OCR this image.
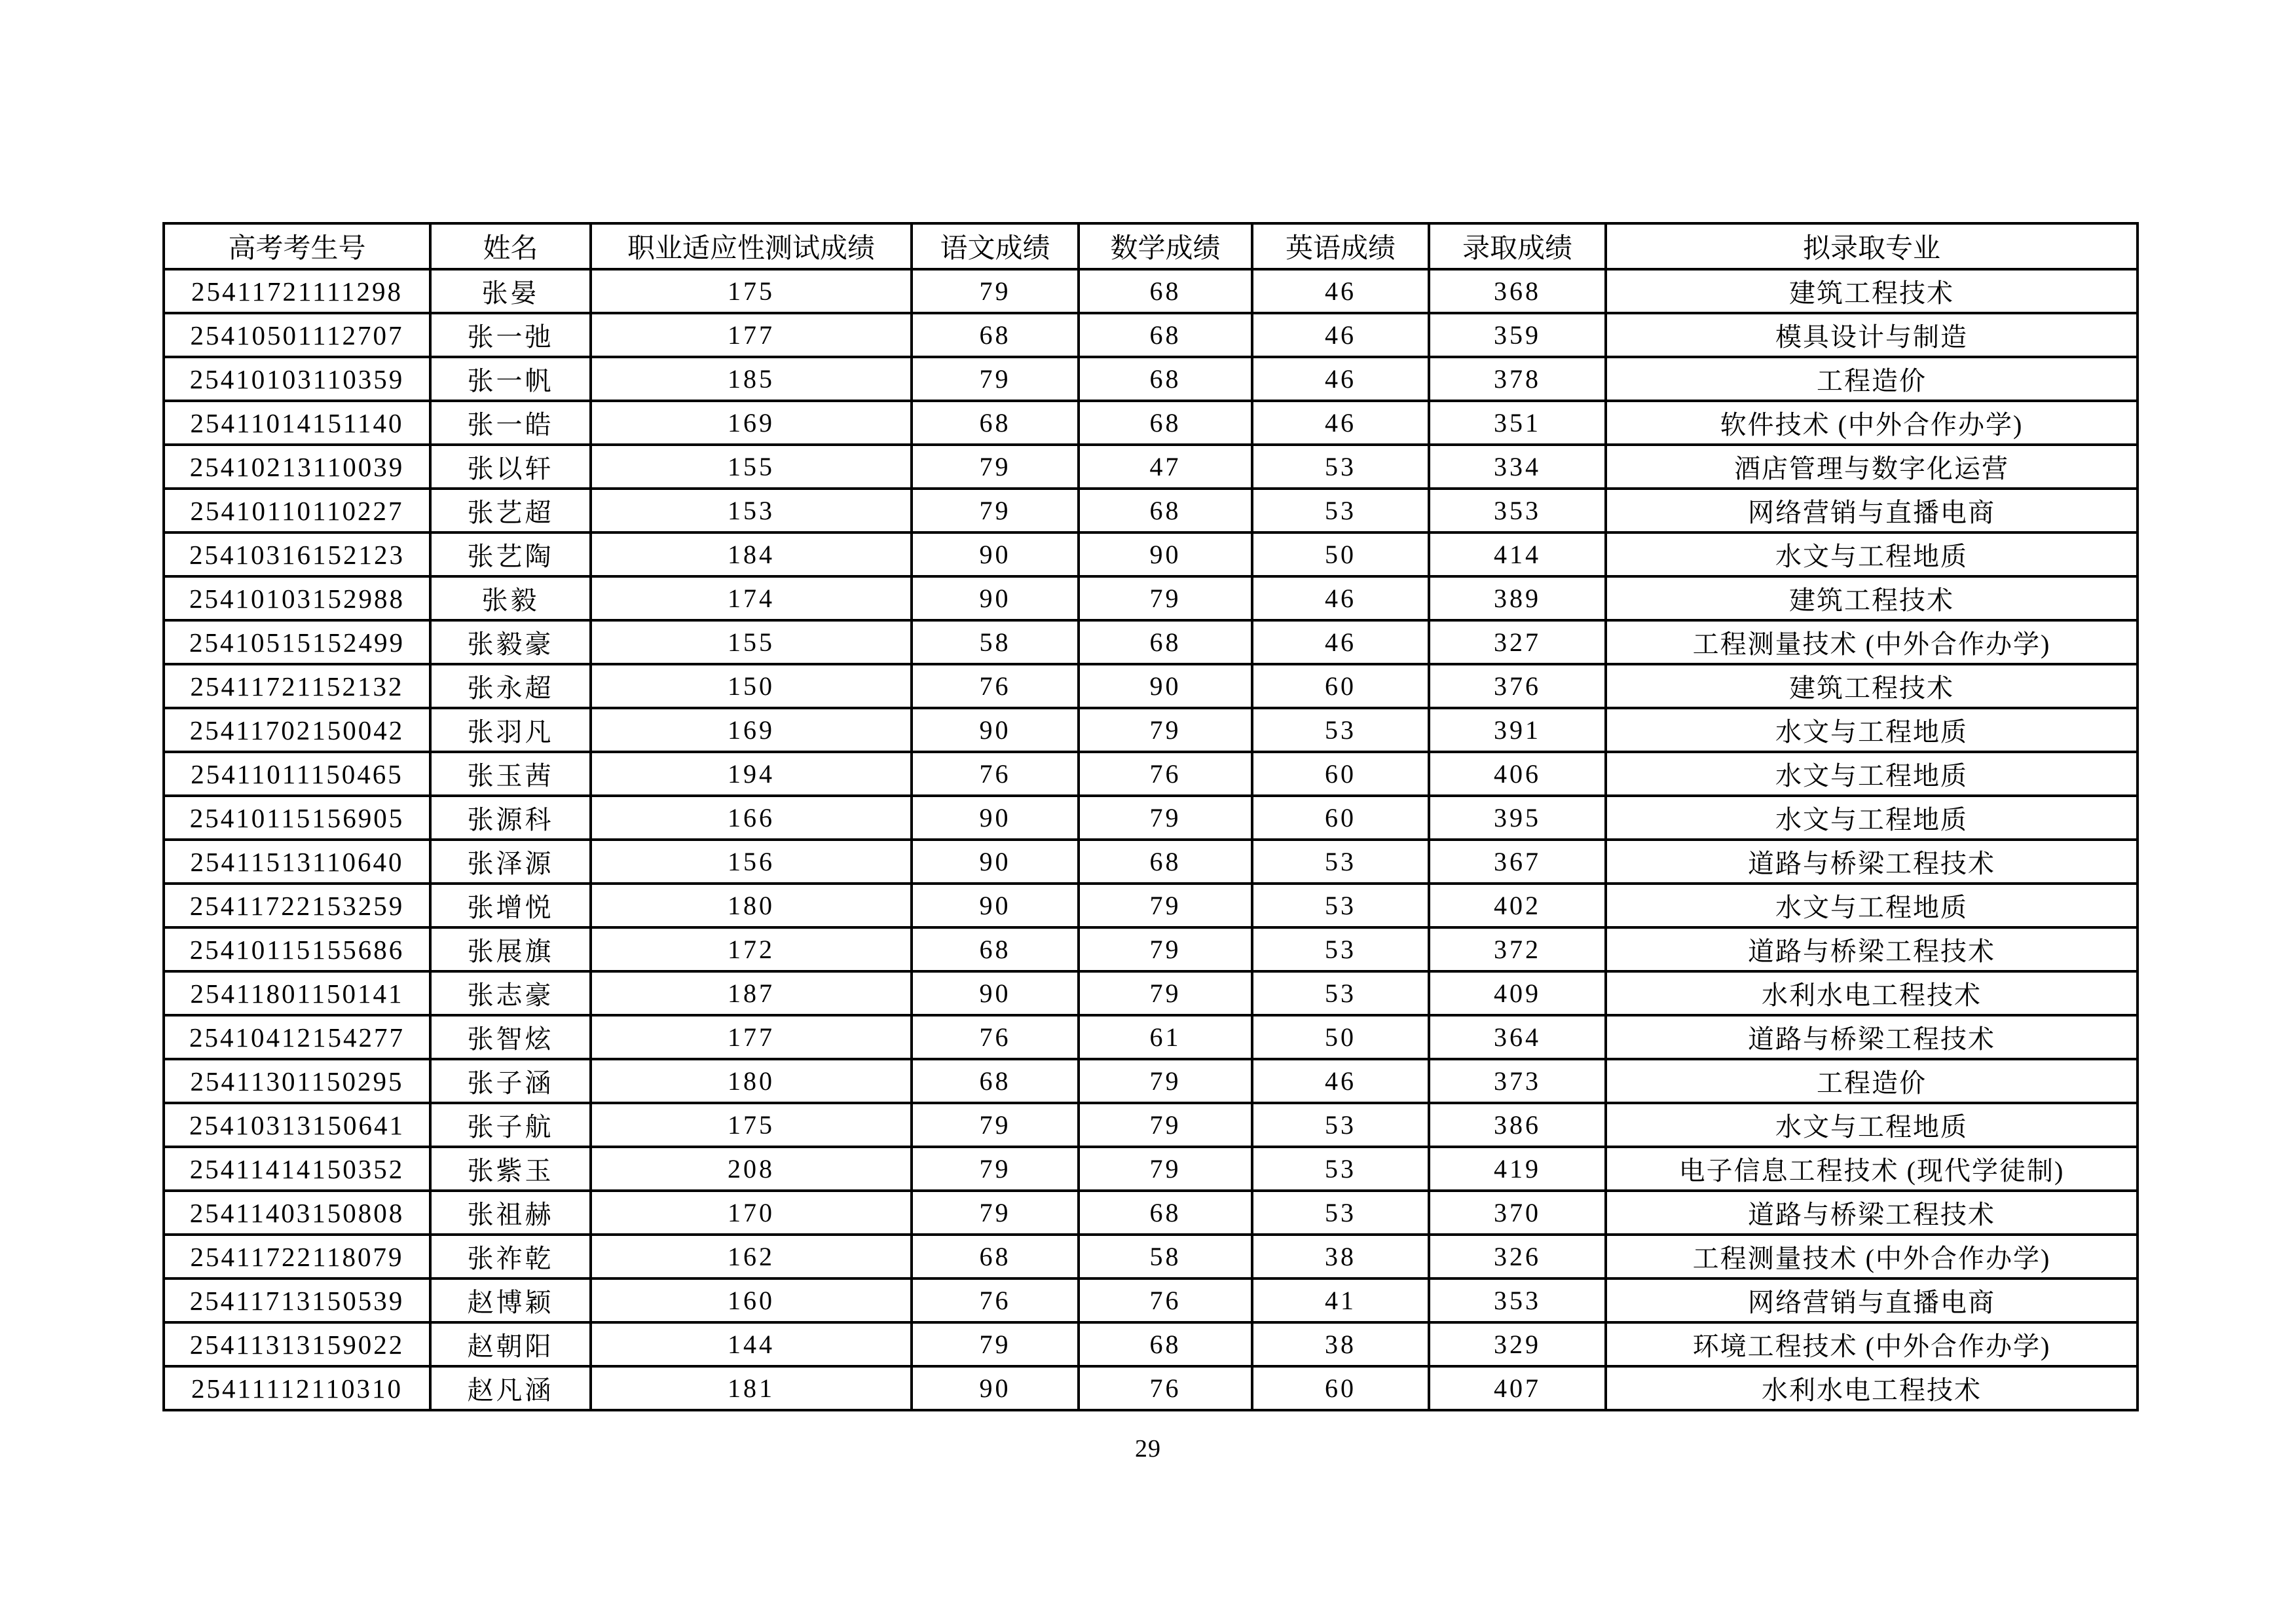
高考考生号	姓名	职业适应性测试成绩	语文成绩	数学成绩	英语成绩	录取成绩	拟录取专业
25411721111298	张晏	175	79	68	46	368	建筑工程技术
25410501112707	张一弛	177	68	68	46	359	模具设计与制造
25410103110359	张一帆	185	79	68	46	378	工程造价
25411014151140	张一皓	169	68	68	46	351	软件技术 (中外合作办学)
25410213110039	张以轩	155	79	47	53	334	酒店管理与数字化运营
25410110110227	张艺超	153	79	68	53	353	网络营销与直播电商
25410316152123	张艺陶	184	90	90	50	414	水文与工程地质
25410103152988	张毅	174	90	79	46	389	建筑工程技术
25410515152499	张毅豪	155	58	68	46	327	工程测量技术 (中外合作办学)
25411721152132	张永超	150	76	90	60	376	建筑工程技术
25411702150042	张羽凡	169	90	79	53	391	水文与工程地质
25411011150465	张玉茜	194	76	76	60	406	水文与工程地质
25410115156905	张源科	166	90	79	60	395	水文与工程地质
25411513110640	张泽源	156	90	68	53	367	道路与桥梁工程技术
25411722153259	张增悦	180	90	79	53	402	水文与工程地质
25410115155686	张展旗	172	68	79	53	372	道路与桥梁工程技术
25411801150141	张志豪	187	90	79	53	409	水利水电工程技术
25410412154277	张智炫	177	76	61	50	364	道路与桥梁工程技术
25411301150295	张子涵	180	68	79	46	373	工程造价
25410313150641	张子航	175	79	79	53	386	水文与工程地质
25411414150352	张紫玉	208	79	79	53	419	电子信息工程技术 (现代学徒制)
25411403150808	张祖赫	170	79	68	53	370	道路与桥梁工程技术
25411722118079	张祚乾	162	68	58	38	326	工程测量技术 (中外合作办学)
25411713150539	赵博颖	160	76	76	41	353	网络营销与直播电商
25411313159022	赵朝阳	144	79	68	38	329	环境工程技术 (中外合作办学)
25411112110310	赵凡涵	181	90	76	60	407	水利水电工程技术
29
